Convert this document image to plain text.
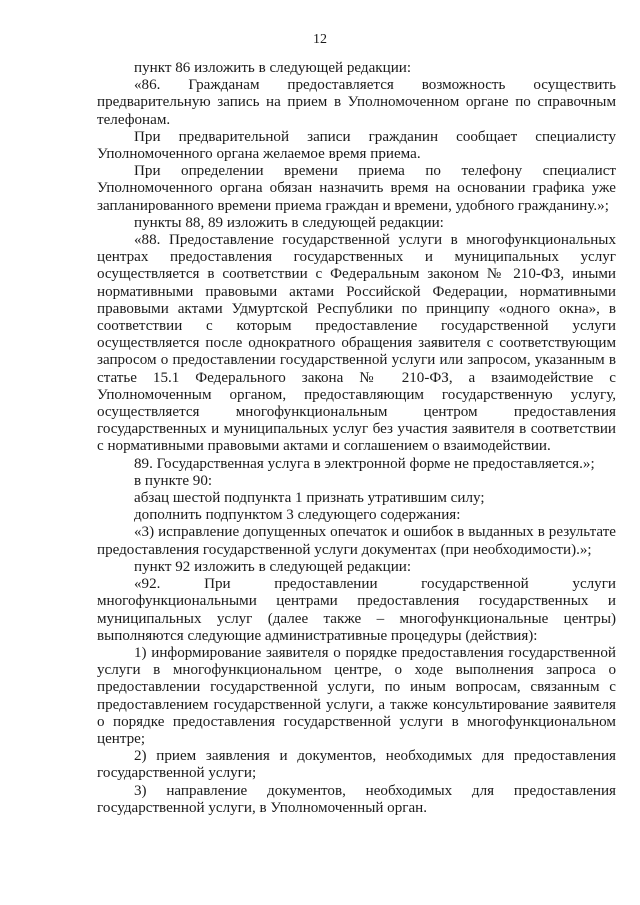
12

пункт 86 изложить в следующей редакции:

«86. Гражданам предоставляется возможность осуществить предварительную запись на прием в Уполномоченном органе по справочным телефонам.

При предварительной записи гражданин сообщает специалисту Уполномоченного органа желаемое время приема.

При определении времени приема по телефону специалист Уполномоченного органа обязан назначить время на основании графика уже запланированного времени приема граждан и времени, удобного гражданину.»;

пункты 88, 89 изложить в следующей редакции:

«88. Предоставление государственной услуги в многофункциональных центрах предоставления государственных и муниципальных услуг осуществляется в соответствии с Федеральным законом № 210-ФЗ, иными нормативными правовыми актами Российской Федерации, нормативными правовыми актами Удмуртской Республики по принципу «одного окна», в соответствии с которым предоставление государственной услуги осуществляется после однократного обращения заявителя с соответствующим запросом о предоставлении государственной услуги или запросом, указанным в статье 15.1 Федерального закона № 210-ФЗ, а взаимодействие с Уполномоченным органом, предоставляющим государственную услугу, осуществляется многофункциональным центром предоставления государственных и муниципальных услуг без участия заявителя в соответствии с нормативными правовыми актами и соглашением о взаимодействии.

89. Государственная услуга в электронной форме не предоставляется.»;

в пункте 90:

абзац шестой подпункта 1 признать утратившим силу;

дополнить подпунктом 3 следующего содержания:

«3) исправление допущенных опечаток и ошибок в выданных в результате предоставления государственной услуги документах (при необходимости).»;

пункт 92 изложить в следующей редакции:

«92. При предоставлении государственной услуги многофункциональными центрами предоставления государственных и муниципальных услуг (далее также – многофункциональные центры) выполняются следующие административные процедуры (действия):

1) информирование заявителя о порядке предоставления государственной услуги в многофункциональном центре, о ходе выполнения запроса о предоставлении государственной услуги, по иным вопросам, связанным с предоставлением государственной услуги, а также консультирование заявителя о порядке предоставления государственной услуги в многофункциональном центре;

2) прием заявления и документов, необходимых для предоставления государственной услуги;

3) направление документов, необходимых для предоставления государственной услуги, в Уполномоченный орган.
